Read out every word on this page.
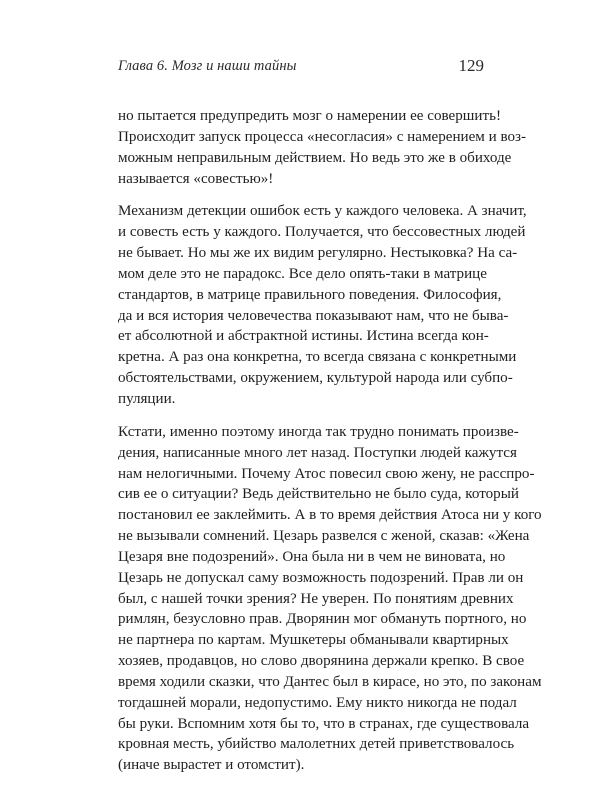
Глава 6. Мозг и наши тайны	129

но пытается предупредить мозг о намерении ее совершить!
Происходит запуск процесса «несогласия» с намерением и воз-
можным неправильным действием. Но ведь это же в обиходе
называется «совестью»!

Механизм детекции ошибок есть у каждого человека. А значит,
и совесть есть у каждого. Получается, что бессовестных людей
не бывает. Но мы же их видим регулярно. Нестыковка? На са-
мом деле это не парадокс. Все дело опять-таки в матрице
стандартов, в матрице правильного поведения. Философия,
да и вся история человечества показывают нам, что не быва-
ет абсолютной и абстрактной истины. Истина всегда кон-
кретна. А раз она конкретна, то всегда связана с конкретными
обстоятельствами, окружением, культурой народа или субпо-
пуляции.

Кстати, именно поэтому иногда так трудно понимать произве-
дения, написанные много лет назад. Поступки людей кажутся
нам нелогичными. Почему Атос повесил свою жену, не расспро-
сив ее о ситуации? Ведь действительно не было суда, который
постановил ее заклеймить. А в то время действия Атоса ни у кого
не вызывали сомнений. Цезарь развелся с женой, сказав: «Жена
Цезаря вне подозрений». Она была ни в чем не виновата, но
Цезарь не допускал саму возможность подозрений. Прав ли он
был, с нашей точки зрения? Не уверен. По понятиям древних
римлян, безусловно прав. Дворянин мог обмануть портного, но
не партнера по картам. Мушкетеры обманывали квартирных
хозяев, продавцов, но слово дворянина держали крепко. В свое
время ходили сказки, что Дантес был в кирасе, но это, по законам
тогдашней морали, недопустимо. Ему никто никогда не подал
бы руки. Вспомним хотя бы то, что в странах, где существовала
кровная месть, убийство малолетних детей приветствовалось
(иначе вырастет и отомстит).
